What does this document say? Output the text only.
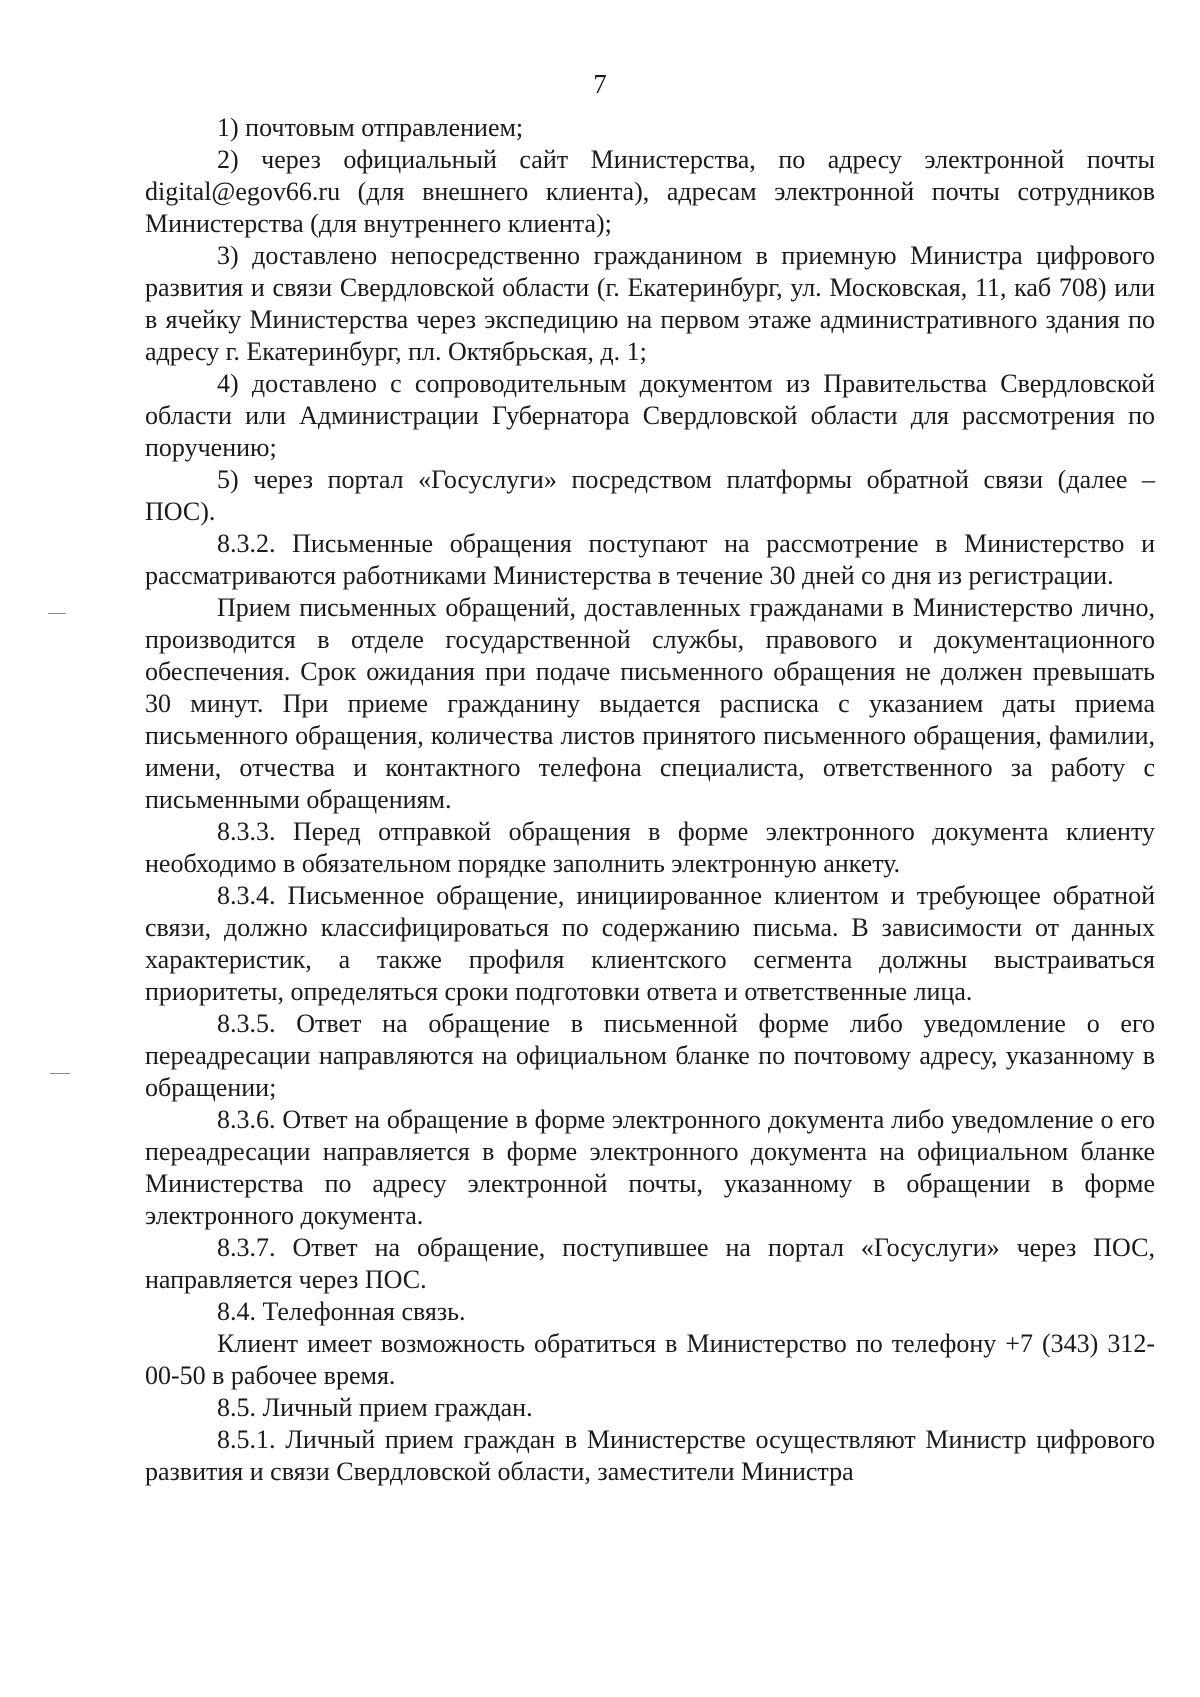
7

1) почтовым отправлением;

2) через официальный сайт Министерства, по адресу электронной почты digital@egov66.ru (для внешнего клиента), адресам электронной почты сотрудников Министерства (для внутреннего клиента);

3) доставлено непосредственно гражданином в приемную Министра цифрового развития и связи Свердловской области (г. Екатеринбург, ул. Московская, 11, каб 708) или в ячейку Министерства через экспедицию на первом этаже административного здания по адресу г. Екатеринбург, пл. Октябрьская, д. 1;

4) доставлено с сопроводительным документом из Правительства Свердловской области или Администрации Губернатора Свердловской области для рассмотрения по поручению;

5) через портал «Госуслуги» посредством платформы обратной связи (далее – ПОС).

8.3.2. Письменные обращения поступают на рассмотрение в Министерство и рассматриваются работниками Министерства в течение 30 дней со дня из регистрации.

Прием письменных обращений, доставленных гражданами в Министерство лично, производится в отделе государственной службы, правового и документационного обеспечения. Срок ожидания при подаче письменного обращения не должен превышать 30 минут. При приеме гражданину выдается расписка с указанием даты приема письменного обращения, количества листов принятого письменного обращения, фамилии, имени, отчества и контактного телефона специалиста, ответственного за работу с письменными обращениям.

8.3.3. Перед отправкой обращения в форме электронного документа клиенту необходимо в обязательном порядке заполнить электронную анкету.

8.3.4. Письменное обращение, инициированное клиентом и требующее обратной связи, должно классифицироваться по содержанию письма. В зависимости от данных характеристик, а также профиля клиентского сегмента должны выстраиваться приоритеты, определяться сроки подготовки ответа и ответственные лица.

8.3.5. Ответ на обращение в письменной форме либо уведомление о его переадресации направляются на официальном бланке по почтовому адресу, указанному в обращении;

8.3.6. Ответ на обращение в форме электронного документа либо уведомление о его переадресации направляется в форме электронного документа на официальном бланке Министерства по адресу электронной почты, указанному в обращении в форме электронного документа.

8.3.7. Ответ на обращение, поступившее на портал «Госуслуги» через ПОС, направляется через ПОС.

8.4. Телефонная связь.

Клиент имеет возможность обратиться в Министерство по телефону +7 (343) 312-00-50 в рабочее время.

8.5. Личный прием граждан.

8.5.1. Личный прием граждан в Министерстве осуществляют Министр цифрового развития и связи Свердловской области, заместители Министра
